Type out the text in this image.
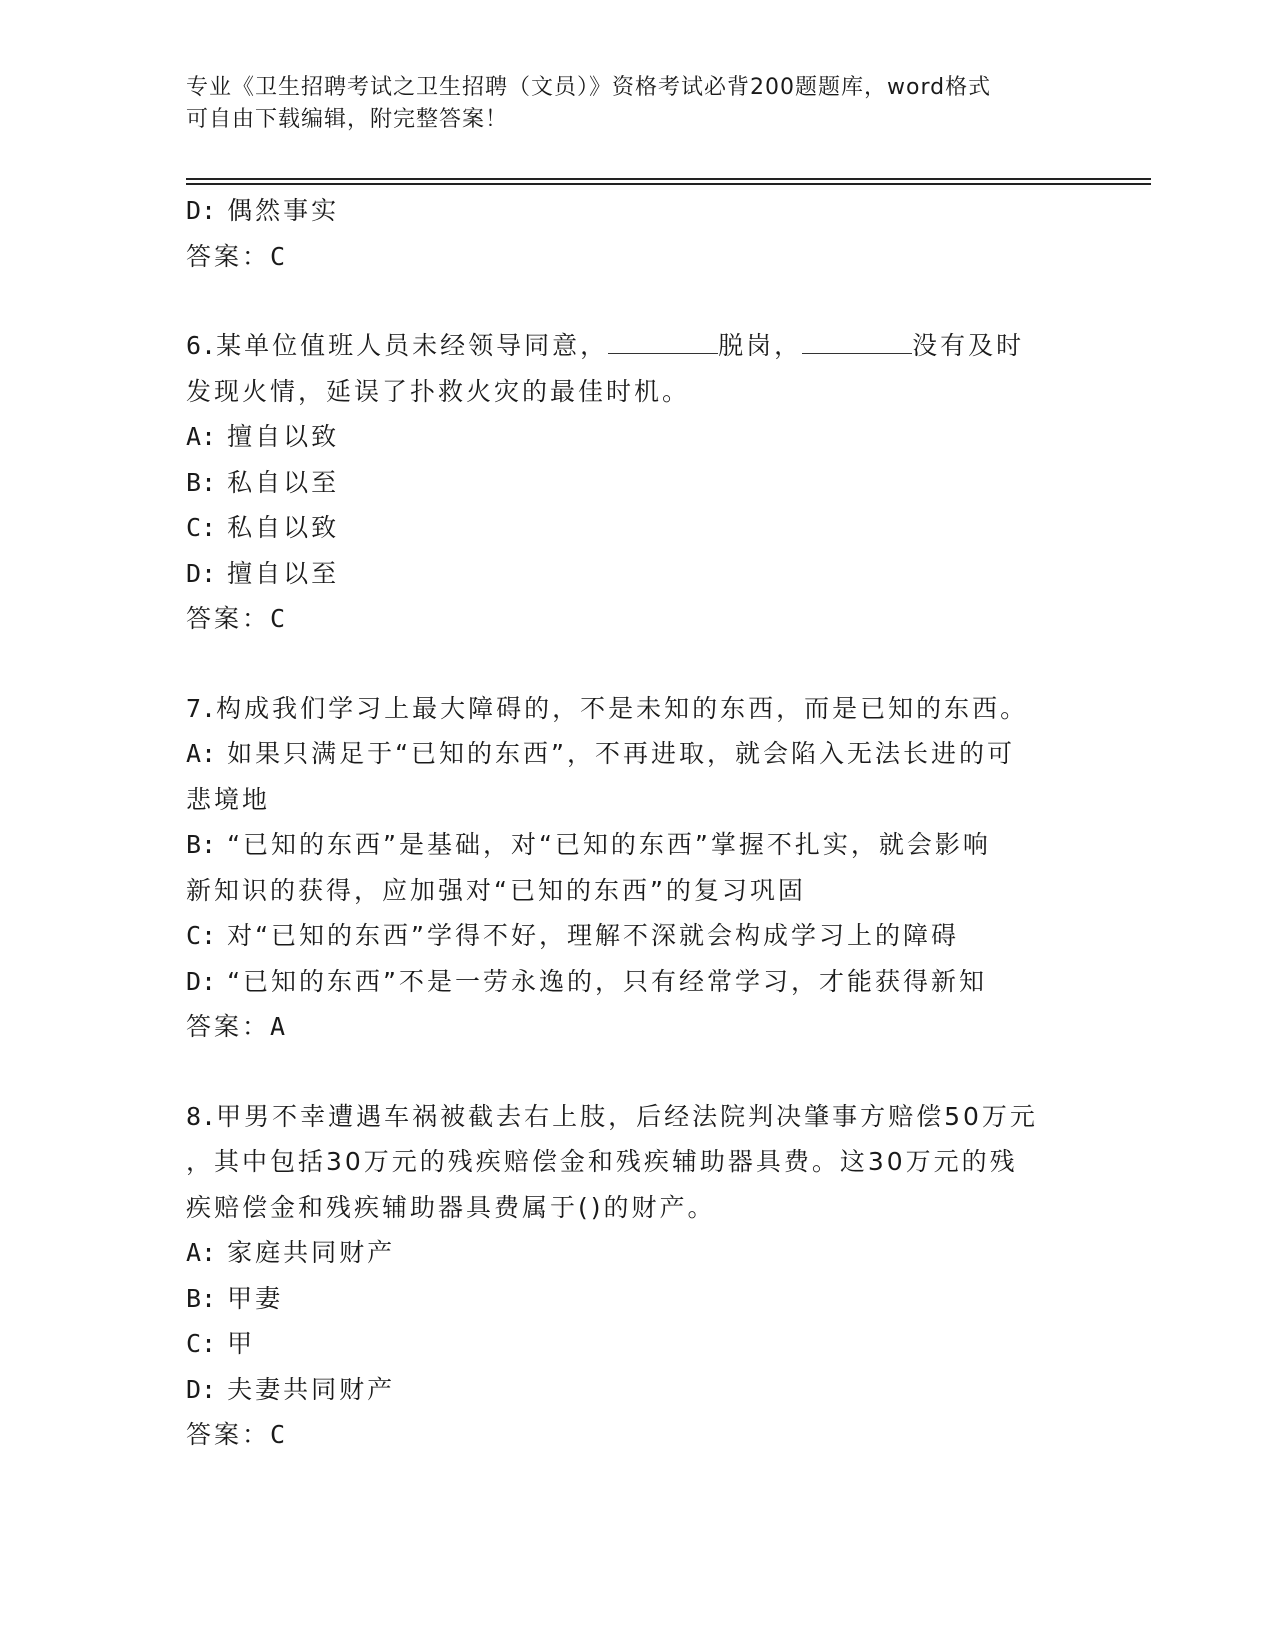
专业《卫生招聘考试之卫生招聘（文员）》资格考试必背200题题库，word格式
可自由下载编辑，附完整答案！
D: 偶然事实
答案：C
6.某单位值班人员未经领导同意，	脱岗，	没有及时
发现火情，延误了扑救火灾的最佳时机。
A: 擅自以致
B: 私自以至
C: 私自以致
D: 擅自以至
答案：C
7.构成我们学习上最大障碍的，不是未知的东西，而是已知的东西。
A: 如果只满足于“已知的东西”，不再进取，就会陷入无法长进的可
悲境地
B: “已知的东西”是基础，对“已知的东西”掌握不扎实，就会影响
新知识的获得，应加强对“已知的东西”的复习巩固
C: 对“已知的东西”学得不好，理解不深就会构成学习上的障碍
D: “已知的东西”不是一劳永逸的，只有经常学习，才能获得新知
答案：A
8.甲男不幸遭遇车祸被截去右上肢，后经法院判决肇事方赔偿50万元
，其中包括30万元的残疾赔偿金和残疾辅助器具费。这30万元的残
疾赔偿金和残疾辅助器具费属于()的财产。
A: 家庭共同财产
B: 甲妻
C: 甲
D: 夫妻共同财产
答案：C
